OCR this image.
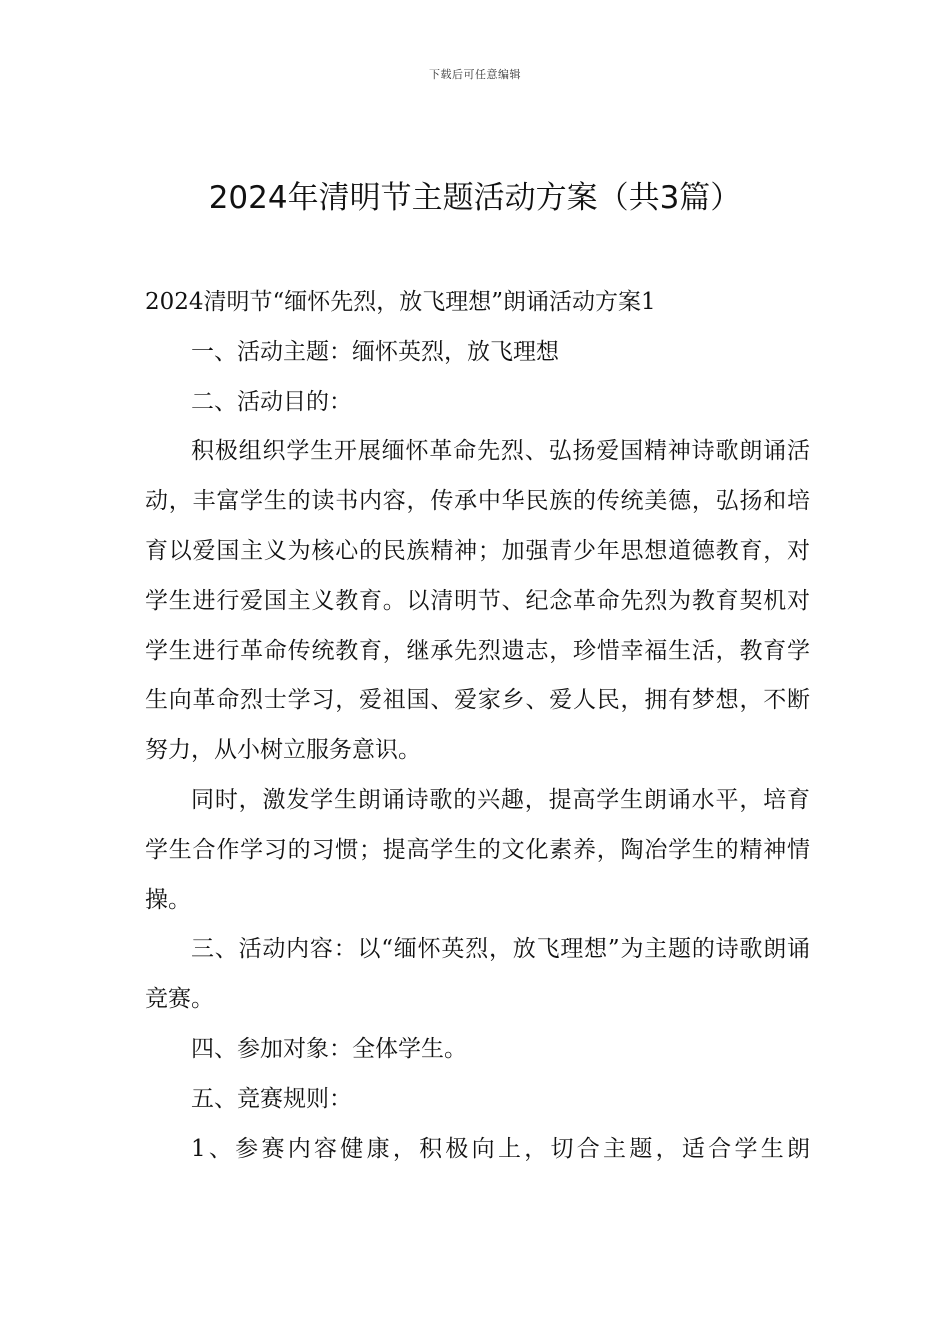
下载后可任意编辑
2024年清明节主题活动方案（共3篇）

2024清明节“缅怀先烈，放飞理想”朗诵活动方案1

一、活动主题：缅怀英烈，放飞理想

二、活动目的：

积极组织学生开展缅怀革命先烈、弘扬爱国精神诗歌朗诵活动，丰富学生的读书内容，传承中华民族的传统美德，弘扬和培育以爱国主义为核心的民族精神；加强青少年思想道德教育，对学生进行爱国主义教育。以清明节、纪念革命先烈为教育契机对学生进行革命传统教育，继承先烈遗志，珍惜幸福生活，教育学生向革命烈士学习，爱祖国、爱家乡、爱人民，拥有梦想，不断努力，从小树立服务意识。

同时，激发学生朗诵诗歌的兴趣，提高学生朗诵水平，培育学生合作学习的习惯；提高学生的文化素养，陶冶学生的精神情操。

三、活动内容：以“缅怀英烈，放飞理想”为主题的诗歌朗诵竞赛。

四、参加对象：全体学生。

五、竞赛规则：

1、参赛内容健康，积极向上，切合主题，适合学生朗
